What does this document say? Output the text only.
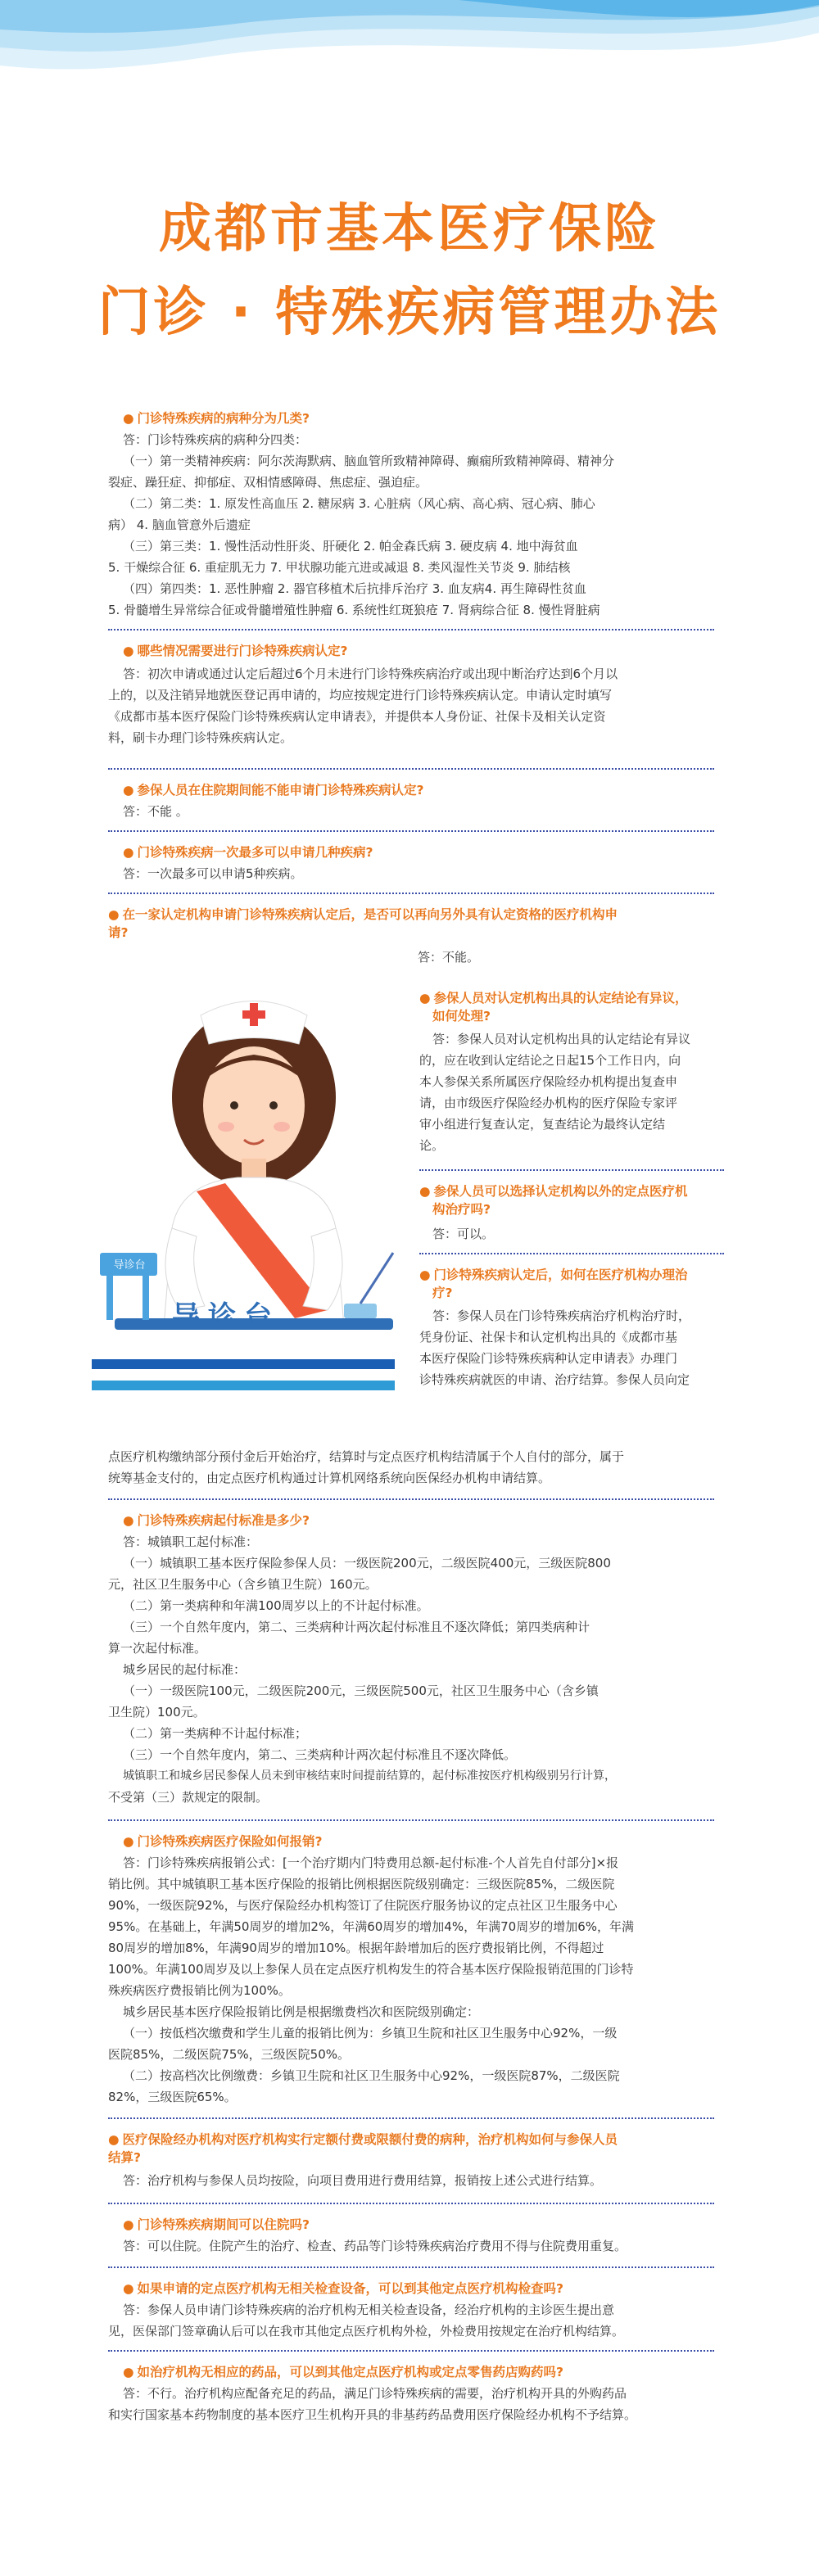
成都市基本医疗保险
门诊 · 特殊疾病管理办法
● 门诊特殊疾病的病种分为几类?

答：门诊特殊疾病的病种分四类：

（一）第一类精神疾病：阿尔茨海默病、脑血管所致精神障碍、癫痫所致精神障碍、精神分

裂症、躁狂症、抑郁症、双相情感障碍、焦虑症、强迫症。

（二）第二类：1. 原发性高血压 2. 糖尿病 3. 心脏病（风心病、高心病、冠心病、肺心

病） 4. 脑血管意外后遗症

（三）第三类：1. 慢性活动性肝炎、肝硬化 2. 帕金森氏病 3. 硬皮病 4. 地中海贫血

5. 干燥综合征 6. 重症肌无力 7. 甲状腺功能亢进或减退 8. 类风湿性关节炎 9. 肺结核

（四）第四类：1. 恶性肿瘤 2. 器官移植术后抗排斥治疗 3. 血友病4. 再生障碍性贫血

5. 骨髓增生异常综合征或骨髓增殖性肿瘤 6. 系统性红斑狼疮 7. 肾病综合征 8. 慢性肾脏病

● 哪些情况需要进行门诊特殊疾病认定?

答：初次申请或通过认定后超过6个月未进行门诊特殊疾病治疗或出现中断治疗达到6个月以

上的，以及注销异地就医登记再申请的，均应按规定进行门诊特殊疾病认定。申请认定时填写

《成都市基本医疗保险门诊特殊疾病认定申请表》，并提供本人身份证、社保卡及相关认定资

料，刷卡办理门诊特殊疾病认定。

● 参保人员在住院期间能不能申请门诊特殊疾病认定?
答：不能 。
● 门诊特殊疾病一次最多可以申请几种疾病?
答：一次最多可以申请5种疾病。
● 在一家认定机构申请门诊特殊疾病认定后，是否可以再向另外具有认定资格的医疗机构申
请?
答：不能。
导诊台
导诊台
● 参保人员对认定机构出具的认定结论有异议，
如何处理?

答：参保人员对认定机构出具的认定结论有异议

的，应在收到认定结论之日起15个工作日内，向

本人参保关系所属医疗保险经办机构提出复查申

请，由市级医疗保险经办机构的医疗保险专家评

审小组进行复查认定，复查结论为最终认定结

论。

● 参保人员可以选择认定机构以外的定点医疗机
构治疗吗?
答：可以。
● 门诊特殊疾病认定后，如何在医疗机构办理治
疗?

答：参保人员在门诊特殊疾病治疗机构治疗时，

凭身份证、社保卡和认定机构出具的《成都市基

本医疗保险门诊特殊疾病种认定申请表》办理门

诊特殊疾病就医的申请、治疗结算。参保人员向定

点医疗机构缴纳部分预付金后开始治疗，结算时与定点医疗机构结清属于个人自付的部分，属于

统筹基金支付的，由定点医疗机构通过计算机网络系统向医保经办机构申请结算。

● 门诊特殊疾病起付标准是多少?

答：城镇职工起付标准：

（一）城镇职工基本医疗保险参保人员：一级医院200元，二级医院400元，三级医院800

元，社区卫生服务中心（含乡镇卫生院）160元。

（二）第一类病种和年满100周岁以上的不计起付标准。

（三）一个自然年度内，第二、三类病种计两次起付标准且不逐次降低；第四类病种计

算一次起付标准。

城乡居民的起付标准：

（一）一级医院100元，二级医院200元，三级医院500元，社区卫生服务中心（含乡镇

卫生院）100元。

（二）第一类病种不计起付标准；

（三）一个自然年度内，第二、三类病种计两次起付标准且不逐次降低。

城镇职工和城乡居民参保人员未到审核结束时间提前结算的，起付标准按医疗机构级别另行计算，

不受第（三）款规定的限制。

● 门诊特殊疾病医疗保险如何报销?

答：门诊特殊疾病报销公式：[一个治疗期内门特费用总额-起付标准-个人首先自付部分]×报

销比例。其中城镇职工基本医疗保险的报销比例根据医院级别确定：三级医院85%，二级医院

90%，一级医院92%，与医疗保险经办机构签订了住院医疗服务协议的定点社区卫生服务中心

95%。在基础上，年满50周岁的增加2%，年满60周岁的增加4%，年满70周岁的增加6%，年满

80周岁的增加8%，年满90周岁的增加10%。根据年龄增加后的医疗费报销比例，不得超过

100%。年满100周岁及以上参保人员在定点医疗机构发生的符合基本医疗保险报销范围的门诊特

殊疾病医疗费报销比例为100%。

城乡居民基本医疗保险报销比例是根据缴费档次和医院级别确定：

（一）按低档次缴费和学生儿童的报销比例为：乡镇卫生院和社区卫生服务中心92%，一级

医院85%，二级医院75%，三级医院50%。

（二）按高档次比例缴费：乡镇卫生院和社区卫生服务中心92%，一级医院87%，二级医院

82%，三级医院65%。

● 医疗保险经办机构对医疗机构实行定额付费或限额付费的病种，治疗机构如何与参保人员
结算?
答：治疗机构与参保人员均按险，向项目费用进行费用结算，报销按上述公式进行结算。
● 门诊特殊疾病期间可以住院吗?
答：可以住院。住院产生的治疗、检查、药品等门诊特殊疾病治疗费用不得与住院费用重复。
● 如果申请的定点医疗机构无相关检查设备，可以到其他定点医疗机构检查吗?

答：参保人员申请门诊特殊疾病的治疗机构无相关检查设备，经治疗机构的主诊医生提出意

见，医保部门签章确认后可以在我市其他定点医疗机构外检，外检费用按规定在治疗机构结算。

● 如治疗机构无相应的药品，可以到其他定点医疗机构或定点零售药店购药吗?

答：不行。治疗机构应配备充足的药品，满足门诊特殊疾病的需要，治疗机构开具的外购药品

和实行国家基本药物制度的基本医疗卫生机构开具的非基药药品费用医疗保险经办机构不予结算。
